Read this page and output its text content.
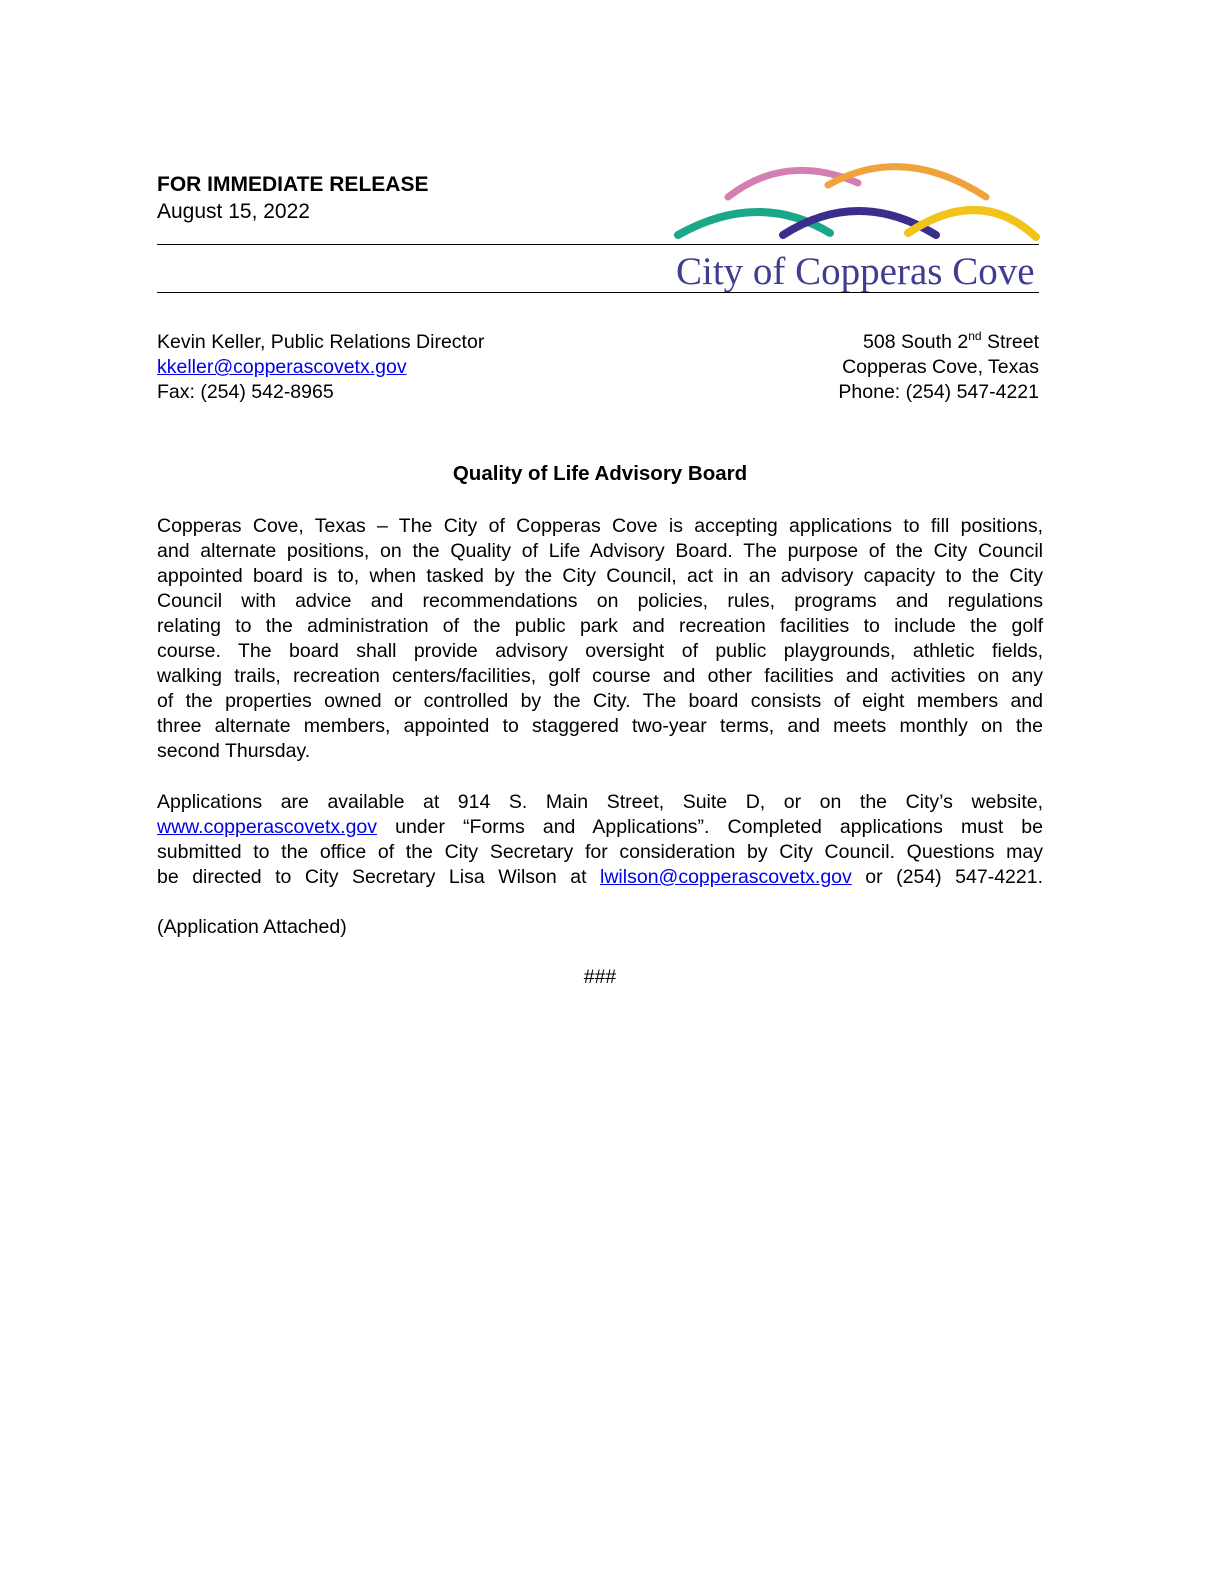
FOR IMMEDIATE RELEASE
August 15, 2022
City of Copperas Cove
Kevin Keller, Public Relations Director
kkeller@copperascovetx.gov
Fax: (254) 542-8965
508 South 2nd Street
Copperas Cove, Texas
Phone: (254) 547-4221
Quality of Life Advisory Board
Copperas Cove, Texas – The City of Copperas Cove is accepting applications to fill positions,
and alternate positions, on the Quality of Life Advisory Board. The purpose of the City Council
appointed board is to, when tasked by the City Council, act in an advisory capacity to the City
Council with advice and recommendations on policies, rules, programs and regulations
relating to the administration of the public park and recreation facilities to include the golf
course. The board shall provide advisory oversight of public playgrounds, athletic fields,
walking trails, recreation centers/facilities, golf course and other facilities and activities on any
of the properties owned or controlled by the City. The board consists of eight members and
three alternate members, appointed to staggered two-year terms, and meets monthly on the
second Thursday.
Applications are available at 914 S. Main Street, Suite D, or on the City’s website,
www.copperascovetx.gov under “Forms and Applications”. Completed applications must be
submitted to the office of the City Secretary for consideration by City Council. Questions may
be directed to City Secretary Lisa Wilson at lwilson@copperascovetx.gov or (254) 547-4221.
(Application Attached)
###
